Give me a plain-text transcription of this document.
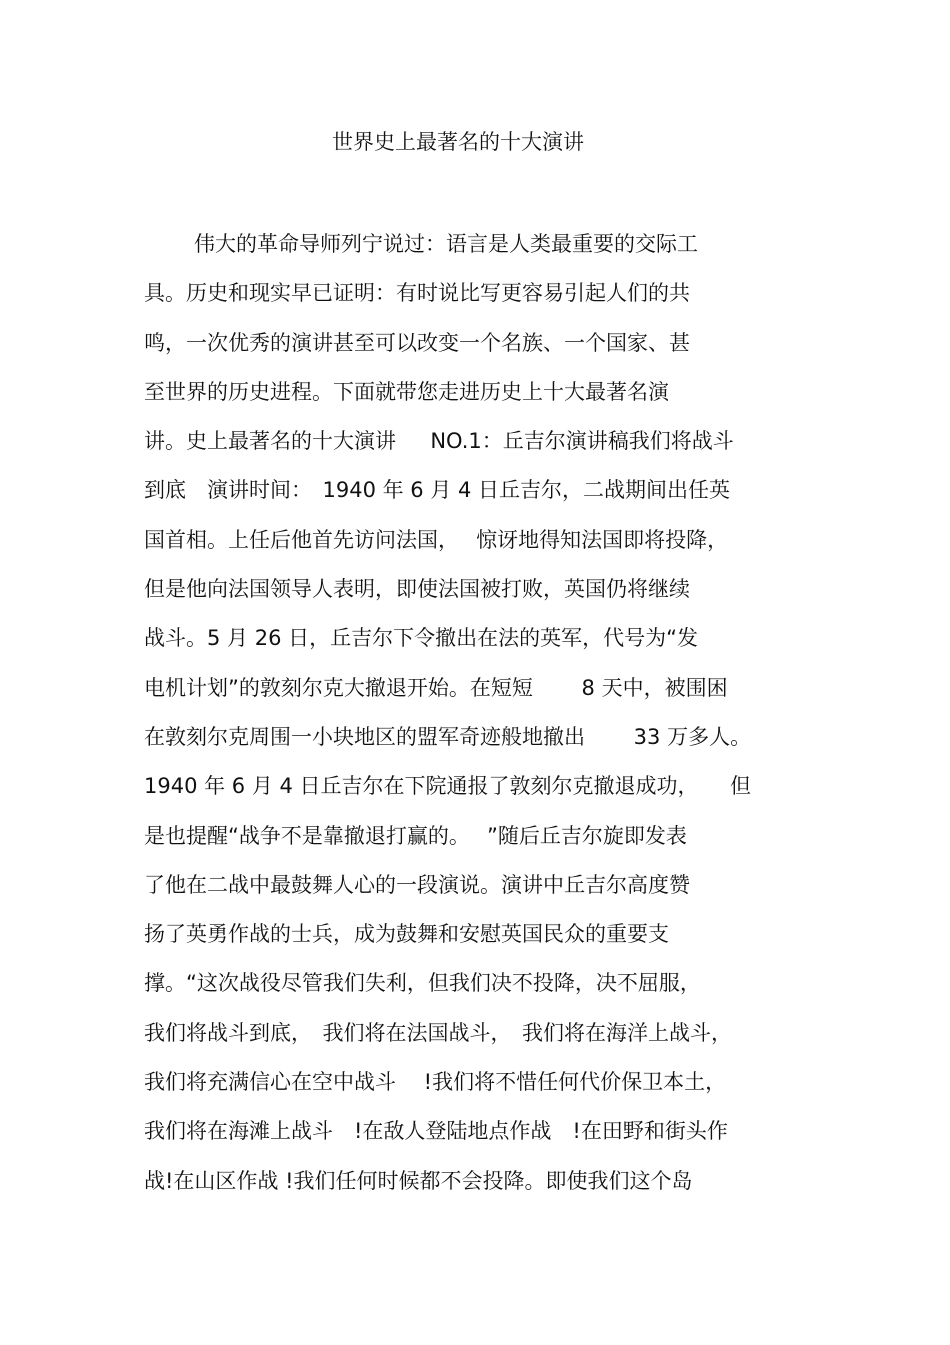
世界史上最著名的十大演讲
伟大的革命导师列宁说过：语言是人类最重要的交际工
具。历史和现实早已证明：有时说比写更容易引起人们的共
鸣，一次优秀的演讲甚至可以改变一个名族、一个国家、甚
至世界的历史进程。下面就带您走进历史上十大最著名演
讲。史上最著名的十大演讲　  NO.1：丘吉尔演讲稿我们将战斗
到底　演讲时间：　1940 年 6 月 4 日丘吉尔，二战期间出任英
国首相。上任后他首先访问法国，　 惊讶地得知法国即将投降，
但是他向法国领导人表明，即使法国被打败，英国仍将继续
战斗。5 月 26 日，丘吉尔下令撤出在法的英军，代号为“发
电机计划”的敦刻尔克大撤退开始。在短短　　 8 天中，被围困
在敦刻尔克周围一小块地区的盟军奇迹般地撤出　　 33 万多人。
1940 年 6 月 4 日丘吉尔在下院通报了敦刻尔克撤退成功，　　但
是也提醒“战争不是靠撤退打赢的。　 ”随后丘吉尔旋即发表
了他在二战中最鼓舞人心的一段演说。演讲中丘吉尔高度赞
扬了英勇作战的士兵，成为鼓舞和安慰英国民众的重要支
撑。“这次战役尽管我们失利，但我们决不投降，决不屈服，
我们将战斗到底，　我们将在法国战斗，　我们将在海洋上战斗，
我们将充满信心在空中战斗　 !我们将不惜任何代价保卫本土，
我们将在海滩上战斗　!在敌人登陆地点作战　!在田野和街头作
战!在山区作战 !我们任何时候都不会投降。即使我们这个岛
